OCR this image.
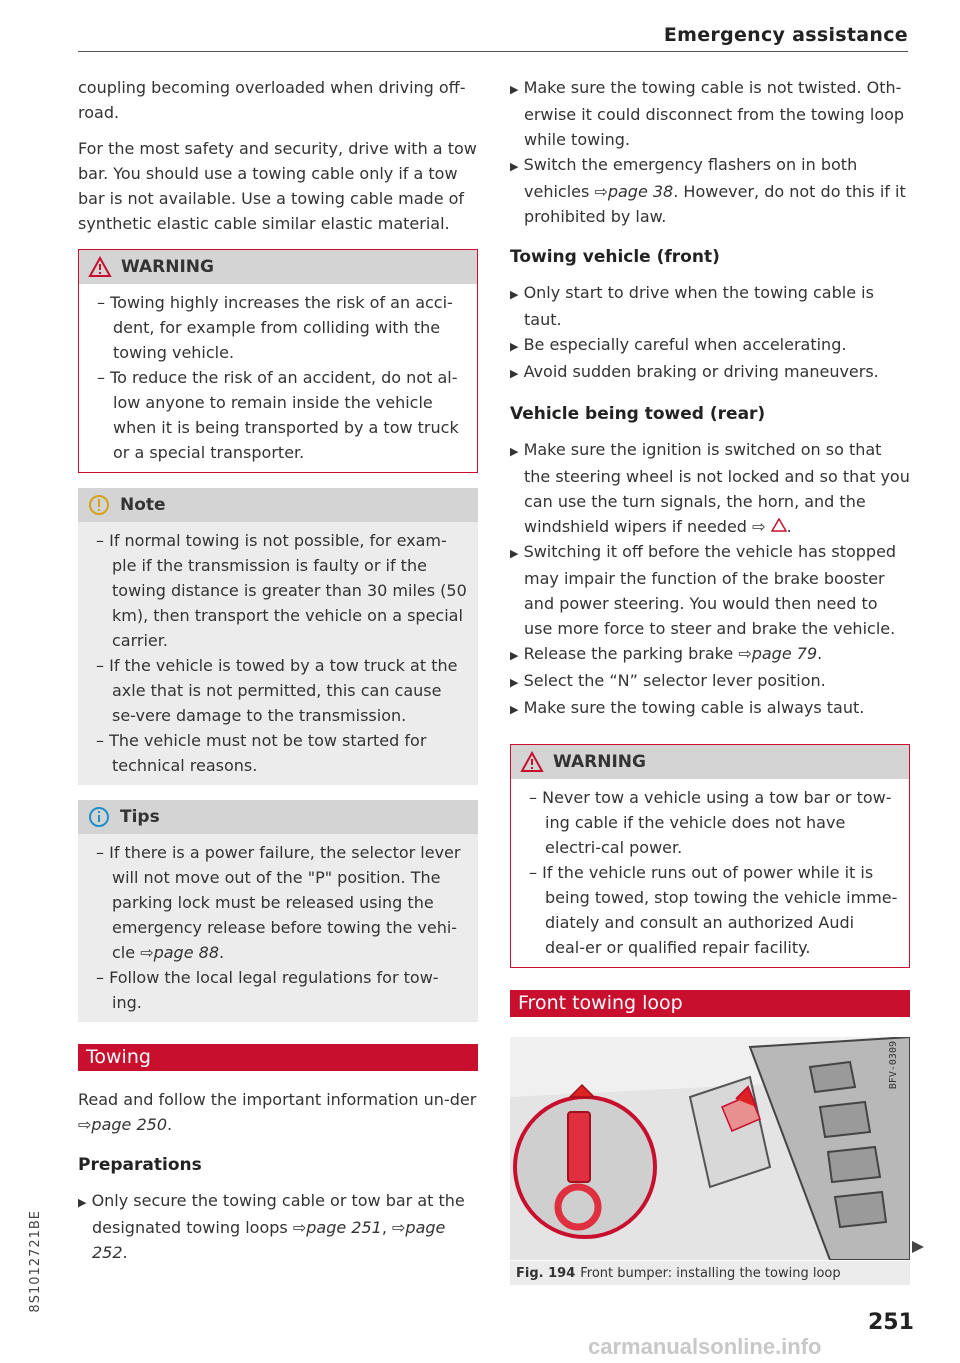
Emergency assistance

coupling becoming overloaded when driving off-road.

For the most safety and security, drive with a tow bar. You should use a towing cable only if a tow bar is not available. Use a towing cable made of synthetic elastic cable similar elastic material.

WARNING

– Towing highly increases the risk of an acci-dent, for example from colliding with the towing vehicle.

– To reduce the risk of an accident, do not al-low anyone to remain inside the vehicle when it is being transported by a tow truck or a special transporter.

Note

– If normal towing is not possible, for exam-ple if the transmission is faulty or if the towing distance is greater than 30 miles (50 km), then transport the vehicle on a special carrier.

– If the vehicle is towed by a tow truck at the axle that is not permitted, this can cause se-vere damage to the transmission.

– The vehicle must not be tow started for technical reasons.

Tips

– If there is a power failure, the selector lever will not move out of the "P" position. The parking lock must be released using the emergency release before towing the vehi-cle ⇨page 88.

– Follow the local legal regulations for tow-ing.

Towing

Read and follow the important information un-der ⇨page 250.

Preparations

▶ Only secure the towing cable or tow bar at the designated towing loops ⇨page 251, ⇨page 252.

▶ Make sure the towing cable is not twisted. Oth-erwise it could disconnect from the towing loop while towing.

▶ Switch the emergency flashers on in both vehicles ⇨page 38. However, do not do this if it prohibited by law.

Towing vehicle (front)

▶ Only start to drive when the towing cable is taut.

▶ Be especially careful when accelerating.

▶ Avoid sudden braking or driving maneuvers.

Vehicle being towed (rear)

▶ Make sure the ignition is switched on so that the steering wheel is not locked and so that you can use the turn signals, the horn, and the windshield wipers if needed ⇨ .

▶ Switching it off before the vehicle has stopped may impair the function of the brake booster and power steering. You would then need to use more force to steer and brake the vehicle.

▶ Release the parking brake ⇨page 79.

▶ Select the “N” selector lever position.

▶ Make sure the towing cable is always taut.

WARNING

– Never tow a vehicle using a tow bar or tow-ing cable if the vehicle does not have electri-cal power.

– If the vehicle runs out of power while it is being towed, stop towing the vehicle imme-diately and consult an authorized Audi deal-er or qualified repair facility.

Front towing loop
BFV-0309
Fig. 194 Front bumper: installing the towing loop
251
8S1012721BE
carmanualsonline.info
